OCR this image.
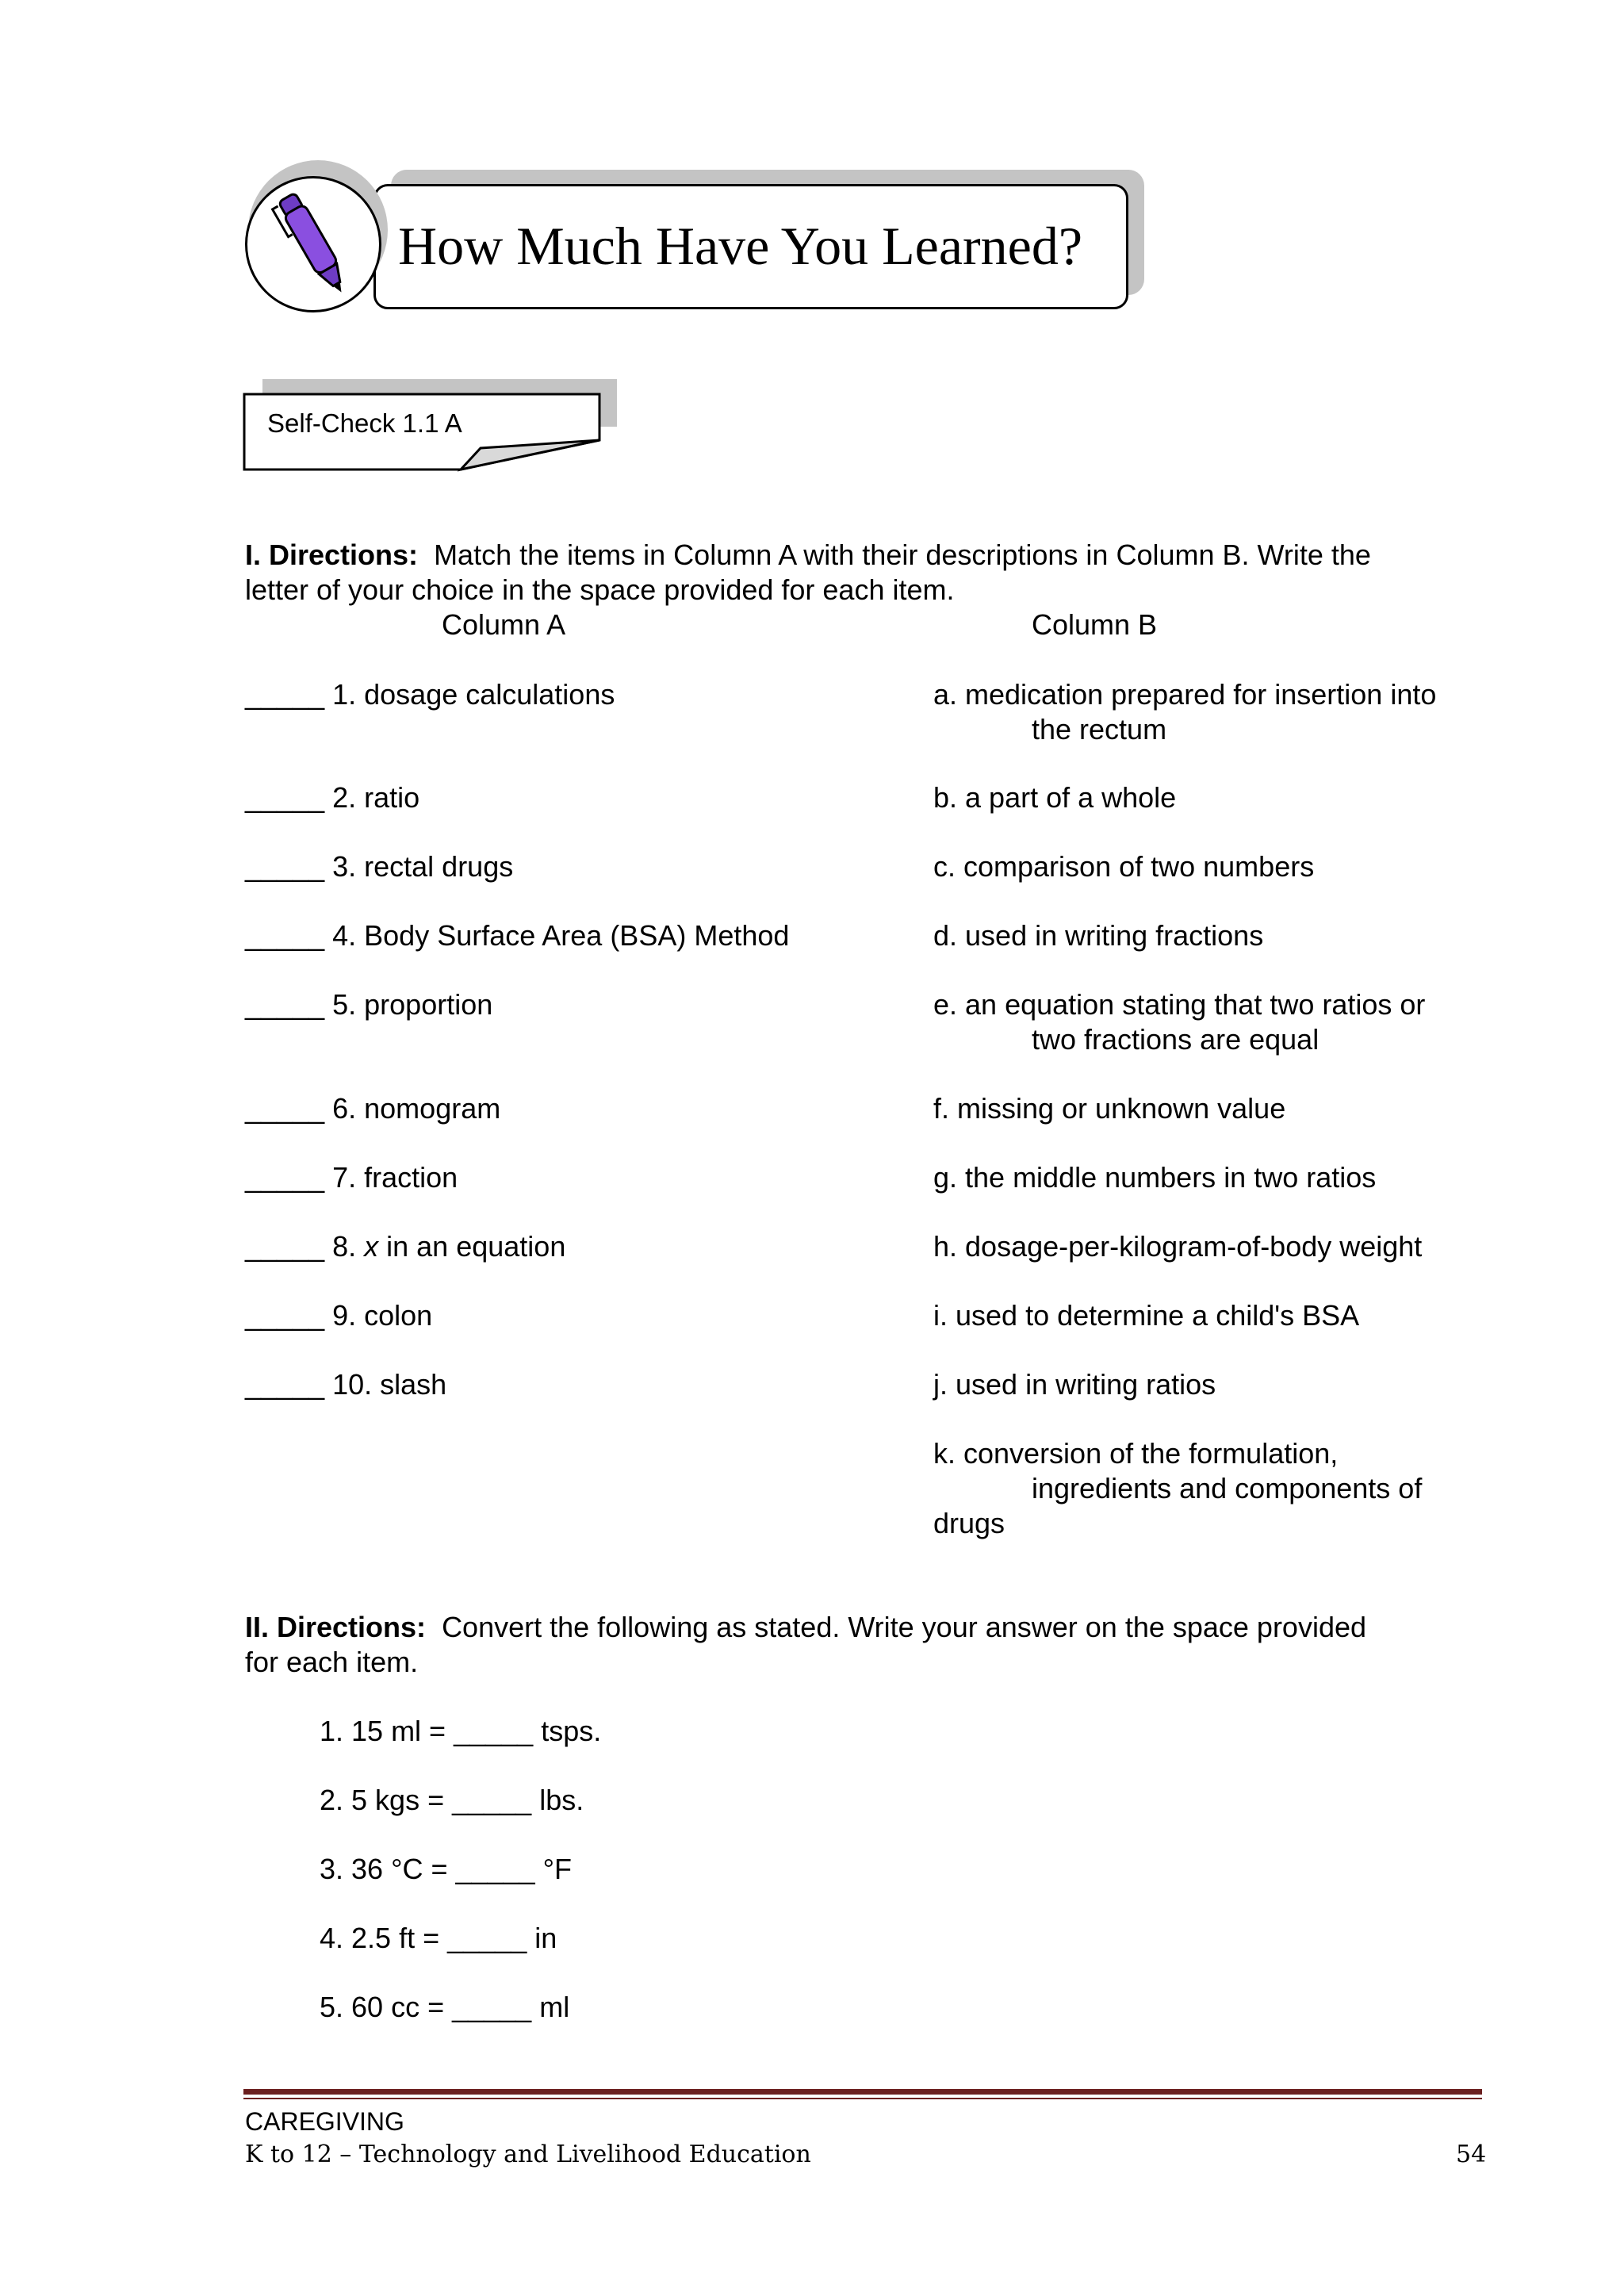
How Much Have You Learned?
Self-Check 1.1 A
I. Directions: Match the items in Column A with their descriptions in Column B. Write the
letter of your choice in the space provided for each item.
Column A	Column B
_____ 1. dosage calculations
_____ 2. ratio
_____ 3. rectal drugs
_____ 4. Body Surface Area (BSA) Method
_____ 5. proportion
_____ 6. nomogram
_____ 7. fraction
_____ 8. x in an equation
_____ 9. colon
_____ 10. slash
a. medication prepared for insertion into
the rectum
b. a part of a whole
c. comparison of two numbers
d. used in writing fractions
e. an equation stating that two ratios or
two fractions are equal
f. missing or unknown value
g. the middle numbers in two ratios
h. dosage-per-kilogram-of-body weight
i. used to determine a child's BSA
j. used in writing ratios
k. conversion of the formulation,
ingredients and components of
drugs
II. Directions: Convert the following as stated. Write your answer on the space provided
for each item.
1. 15 ml = _____ tsps.
2. 5 kgs = _____ lbs.
3. 36 °C = _____ °F
4. 2.5 ft = _____ in
5. 60 cc = _____ ml
CAREGIVING
K to 12 – Technology and Livelihood Education	54
